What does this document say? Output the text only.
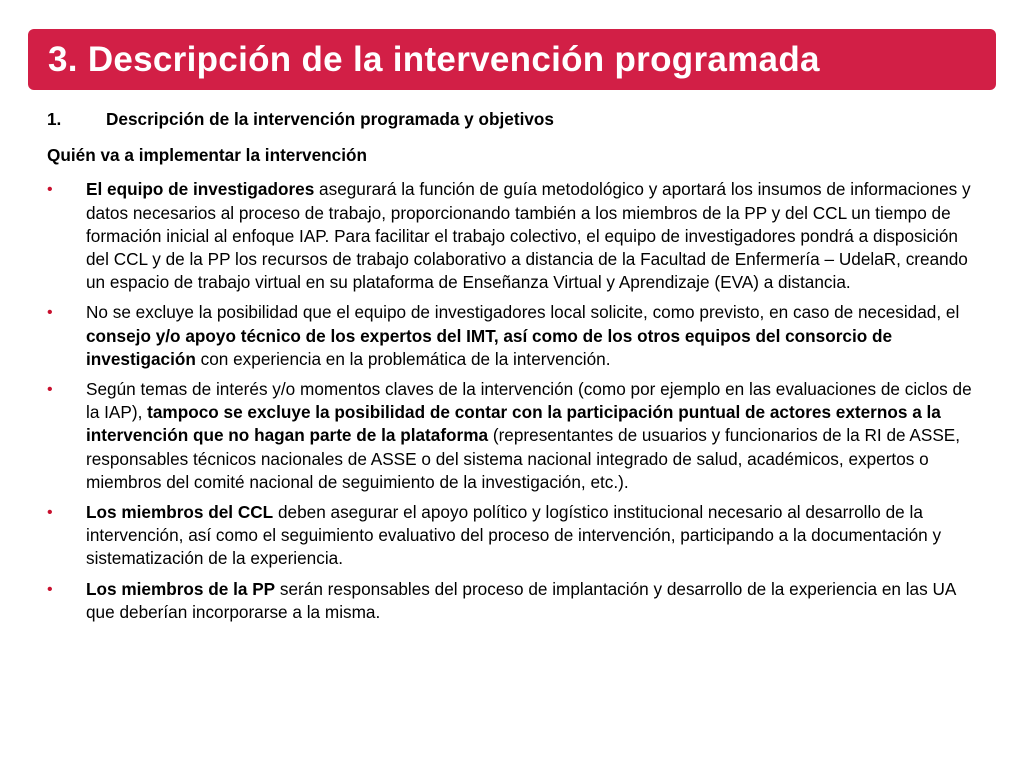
3. Descripción de la intervención programada
1.	Descripción de la intervención programada y objetivos
Quién va a implementar la intervención
•	El equipo de investigadores asegurará la función de guía metodológico y aportará los insumos de informaciones y datos necesarios al proceso de trabajo, proporcionando también a los miembros de la PP y del CCL un tiempo de formación inicial al enfoque IAP. Para facilitar el trabajo colectivo, el equipo de investigadores pondrá a disposición del CCL y de la PP los recursos de trabajo colaborativo a distancia de la Facultad de Enfermería – UdelaR, creando un espacio de trabajo virtual en su plataforma de Enseñanza Virtual y Aprendizaje (EVA) a distancia.
•	No se excluye la posibilidad que el equipo de investigadores local solicite, como previsto, en caso de necesidad, el consejo y/o apoyo técnico de los expertos del IMT, así como de los otros equipos del consorcio de investigación con experiencia en la problemática de la intervención.
•	Según temas de interés y/o momentos claves de la intervención (como por ejemplo en las evaluaciones de ciclos de la IAP), tampoco se excluye la posibilidad de contar con la participación puntual de actores externos a la intervención que no hagan parte de la plataforma (representantes de usuarios y funcionarios de la RI de ASSE, responsables técnicos nacionales de ASSE o del sistema nacional integrado de salud, académicos, expertos o miembros del comité nacional de seguimiento de la investigación, etc.).
•	Los miembros del CCL deben asegurar el apoyo político y logístico institucional necesario al desarrollo de la intervención, así como el seguimiento evaluativo del proceso de intervención, participando a la documentación y sistematización de la experiencia.
•	Los miembros de la PP serán responsables del proceso de implantación y desarrollo de la experiencia en las UA que deberían incorporarse a la misma.
